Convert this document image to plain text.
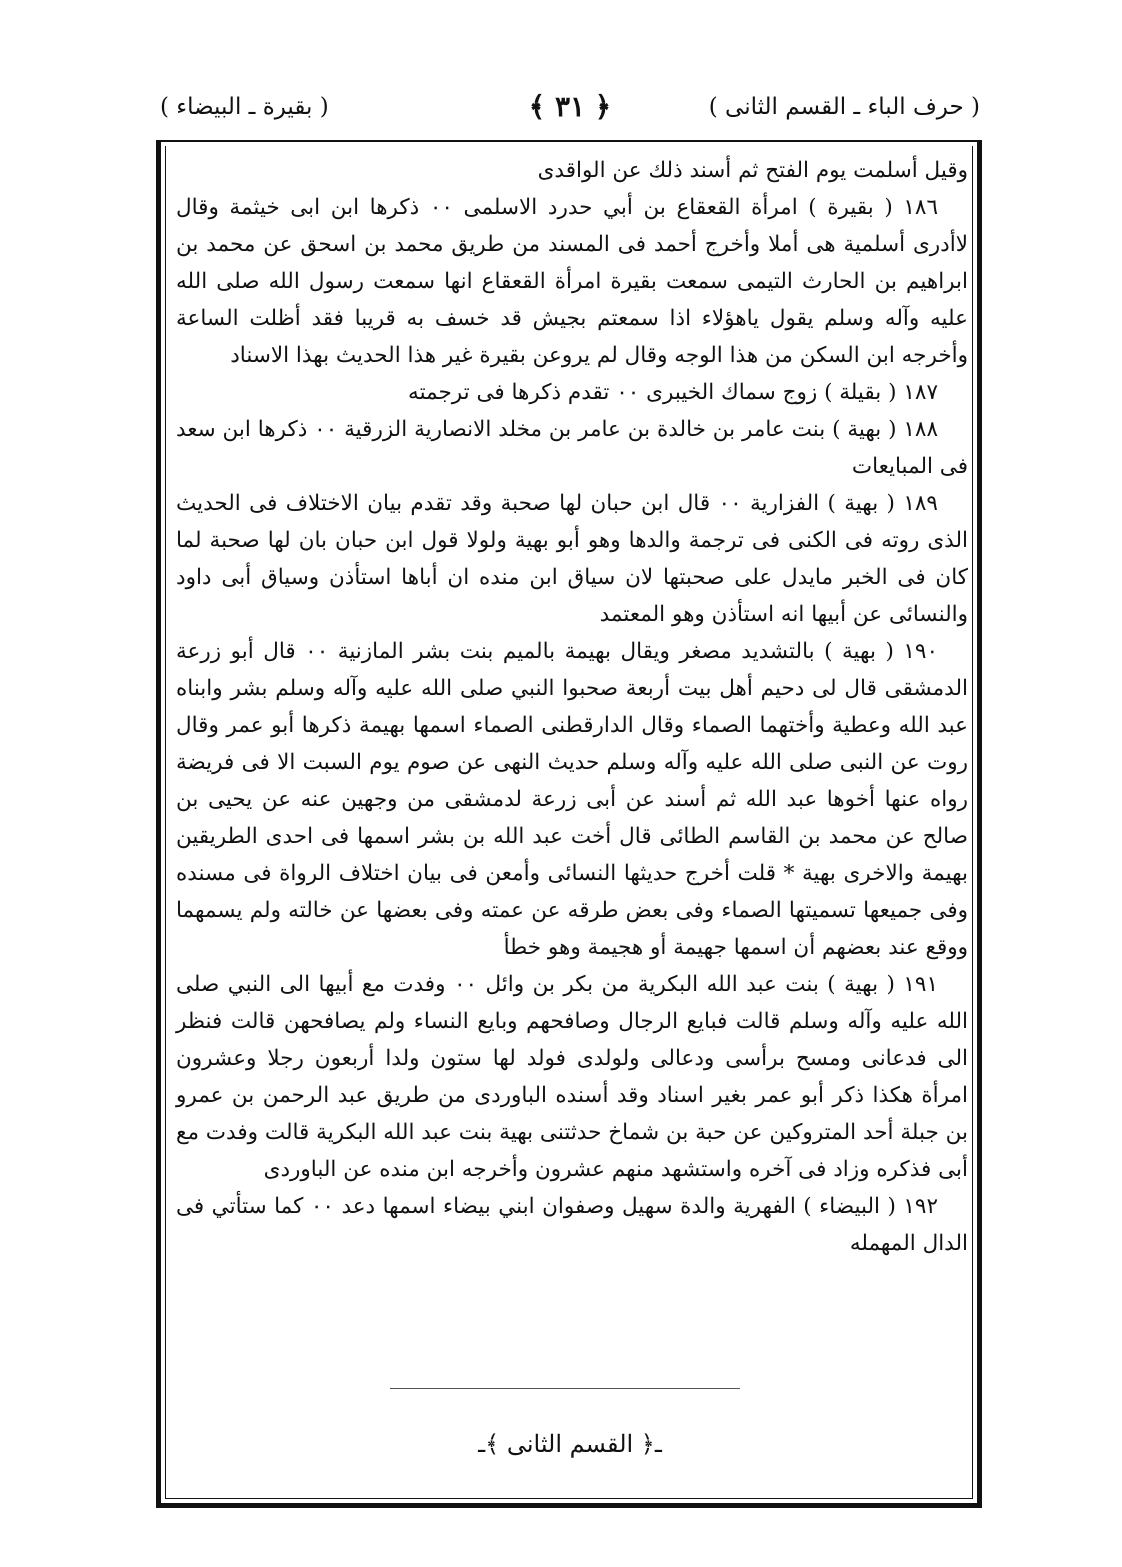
( حرف الباء ـ القسم الثانى )
﴿ ٣١ ﴾
( بقيرة ـ البيضاء )

وقيل أسلمت يوم الفتح ثم أسند ذلك عن الواقدى

١٨٦ ( بقيرة ) امرأة القعقاع بن أبي حدرد الاسلمى ٠٠ ذكرها ابن ابى خيثمة وقال لاأدرى أسلمية هى أملا وأخرج أحمد فى المسند من طريق محمد بن اسحق عن محمد بن ابراهيم بن الحارث التيمى سمعت بقيرة امرأة القعقاع انها سمعت رسول الله صلى الله عليه وآله وسلم يقول ياهؤلاء اذا سمعتم بجيش قد خسف به قريبا فقد أظلت الساعة وأخرجه ابن السكن من هذا الوجه وقال لم يروعن بقيرة غير هذا الحديث بهذا الاسناد

١٨٧ ( بقيلة ) زوج سماك الخيبرى ٠٠ تقدم ذكرها فى ترجمته

١٨٨ ( بهية ) بنت عامر بن خالدة بن عامر بن مخلد الانصارية الزرقية ٠٠ ذكرها ابن سعد فى المبايعات

١٨٩ ( بهية ) الفزارية ٠٠ قال ابن حبان لها صحبة وقد تقدم بيان الاختلاف فى الحديث الذى روته فى الكنى فى ترجمة والدها وهو أبو بهية ولولا قول ابن حبان بان لها صحبة لما كان فى الخبر مايدل على صحبتها لان سياق ابن منده ان أباها استأذن وسياق أبى داود والنسائى عن أبيها انه استأذن وهو المعتمد

١٩٠ ( بهية ) بالتشديد مصغر ويقال بهيمة بالميم بنت بشر المازنية ٠٠ قال أبو زرعة الدمشقى قال لى دحيم أهل بيت أربعة صحبوا النبي صلى الله عليه وآله وسلم بشر وابناه عبد الله وعطية وأختهما الصماء وقال الدارقطنى الصماء اسمها بهيمة ذكرها أبو عمر وقال روت عن النبى صلى الله عليه وآله وسلم حديث النهى عن صوم يوم السبت الا فى فريضة رواه عنها أخوها عبد الله ثم أسند عن أبى زرعة لدمشقى من وجهين عنه عن يحيى بن صالح عن محمد بن القاسم الطائى قال أخت عبد الله بن بشر اسمها فى احدى الطريقين بهيمة والاخرى بهية * قلت أخرج حديثها النسائى وأمعن فى بيان اختلاف الرواة فى مسنده وفى جميعها تسميتها الصماء وفى بعض طرقه عن عمته وفى بعضها عن خالته ولم يسمهما ووقع عند بعضهم أن اسمها جهيمة أو هجيمة وهو خطأ

١٩١ ( بهية ) بنت عبد الله البكرية من بكر بن وائل ٠٠ وفدت مع أبيها الى النبي صلى الله عليه وآله وسلم قالت فبايع الرجال وصافحهم وبايع النساء ولم يصافحهن قالت فنظر الى فدعانى ومسح برأسى ودعالى ولولدى فولد لها ستون ولدا أربعون رجلا وعشرون امرأة هكذا ذكر أبو عمر بغير اسناد وقد أسنده الباوردى من طريق عبد الرحمن بن عمرو بن جبلة أحد المتروكين عن حبة بن شماخ حدثتنى بهية بنت عبد الله البكرية قالت وفدت مع أبى فذكره وزاد فى آخره واستشهد منهم عشرون وأخرجه ابن منده عن الباوردى

١٩٢ ( البيضاء ) الفهرية والدة سهيل وصفوان ابني بيضاء اسمها دعد ٠٠ كما ستأتي فى الدال المهمله

ـ﴿ القسم الثانى ﴾ـ
